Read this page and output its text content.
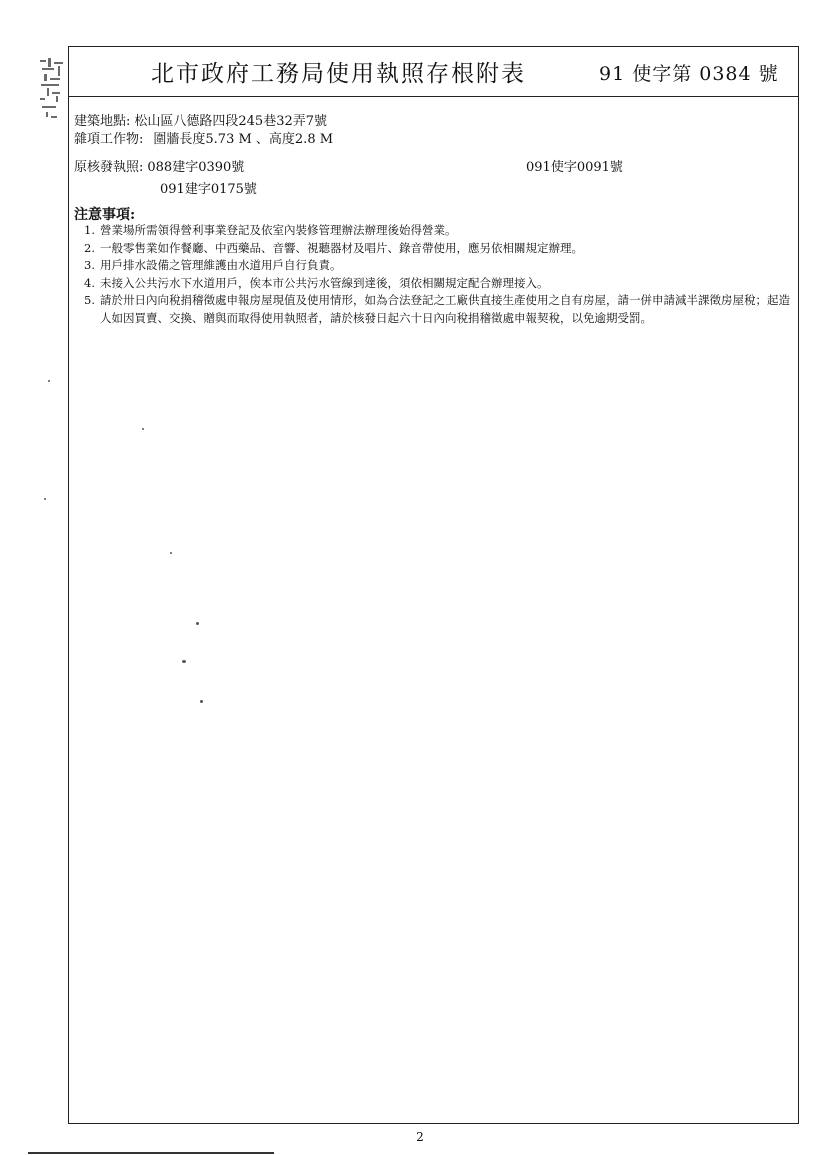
北市政府工務局使用執照存根附表	91 使字第 0384 號
建築地點: 松山區八德路四段245巷32弄7號
雜項工作物: 圍牆長度5.73 M 、高度2.8 M
原核發執照: 088建字0390號
091建字0175號
091使字0091號
注意事項:
1. 營業場所需領得營利事業登記及依室內裝修管理辦法辦理後始得營業。
2. 一般零售業如作餐廳、中西藥品、音響、視聽器材及唱片、錄音帶使用，應另依相關規定辦理。
3. 用戶排水設備之管理維護由水道用戶自行負責。
4. 未接入公共污水下水道用戶，俟本市公共污水管線到達後，須依相關規定配合辦理接入。
5. 請於卅日內向稅捐稽徵處申報房屋現值及使用情形，如為合法登記之工廠供直接生產使用之自有房屋，請一併申請減半課徵房屋稅；起造人如因買賣、交換、贈與而取得使用執照者，請於核發日起六十日內向稅捐稽徵處申報契稅，以免逾期受罰。
2
